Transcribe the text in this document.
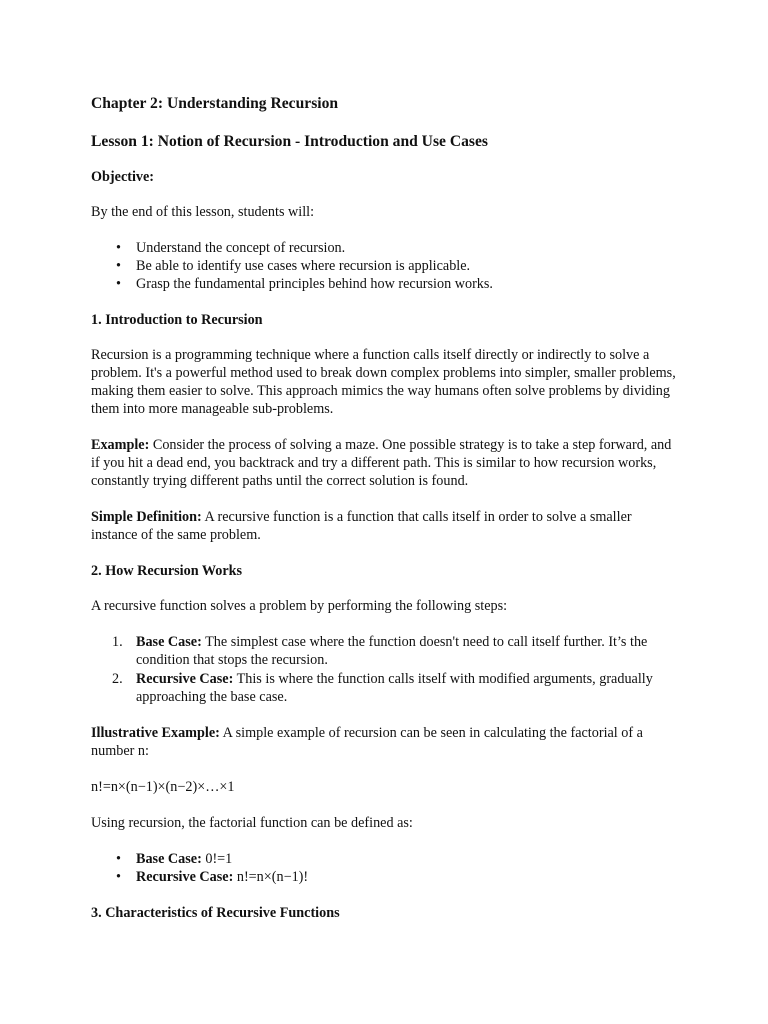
Chapter 2: Understanding Recursion

Lesson 1: Notion of Recursion - Introduction and Use Cases

Objective:

By the end of this lesson, students will:

• Understand the concept of recursion.
• Be able to identify use cases where recursion is applicable.
• Grasp the fundamental principles behind how recursion works.

1. Introduction to Recursion

Recursion is a programming technique where a function calls itself directly or indirectly to solve a problem. It's a powerful method used to break down complex problems into simpler, smaller problems, making them easier to solve. This approach mimics the way humans often solve problems by dividing them into more manageable sub-problems.

Example: Consider the process of solving a maze. One possible strategy is to take a step forward, and if you hit a dead end, you backtrack and try a different path. This is similar to how recursion works, constantly trying different paths until the correct solution is found.

Simple Definition: A recursive function is a function that calls itself in order to solve a smaller instance of the same problem.

2. How Recursion Works

A recursive function solves a problem by performing the following steps:

1. Base Case: The simplest case where the function doesn't need to call itself further. It’s the condition that stops the recursion.
2. Recursive Case: This is where the function calls itself with modified arguments, gradually approaching the base case.

Illustrative Example: A simple example of recursion can be seen in calculating the factorial of a number n:

n!=n×(n−1)×(n−2)×…×1

Using recursion, the factorial function can be defined as:

• Base Case: 0!=1
• Recursive Case: n!=n×(n−1)!

3. Characteristics of Recursive Functions
